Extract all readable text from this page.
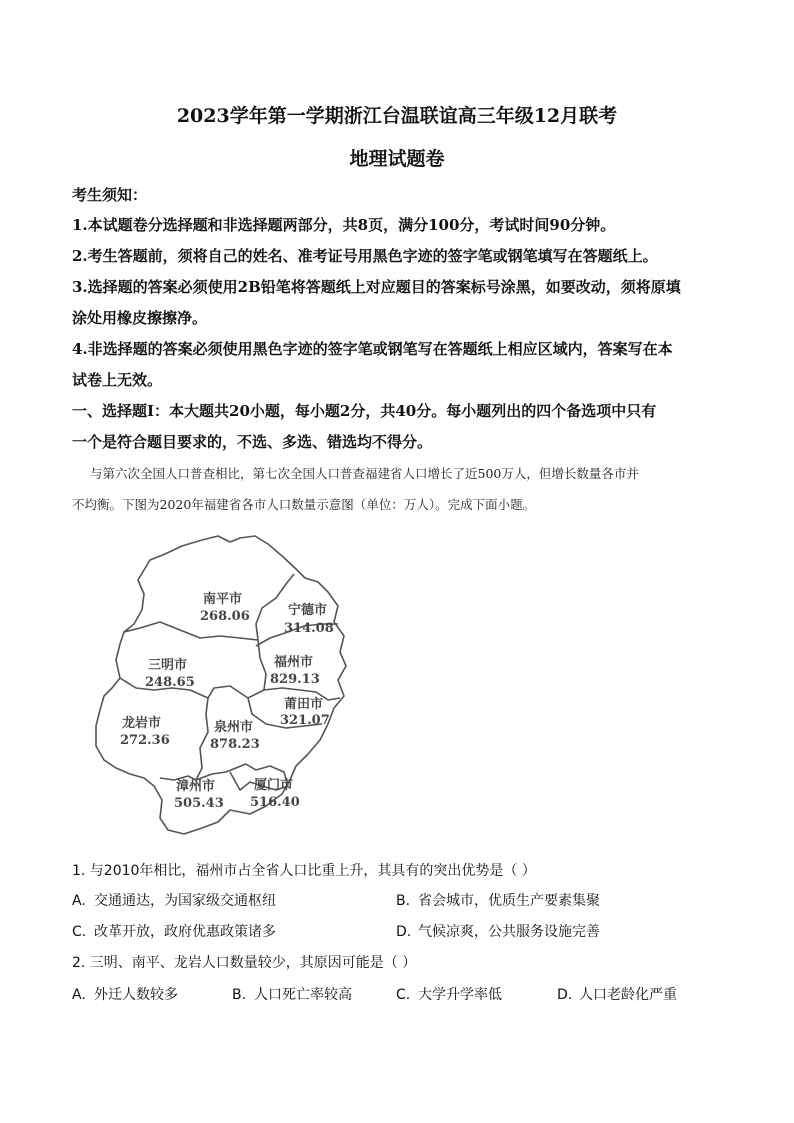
2023学年第一学期浙江台温联谊高三年级12月联考
地理试题卷
考生须知：
1.本试题卷分选择题和非选择题两部分，共8页，满分100分，考试时间90分钟。
2.考生答题前，须将自己的姓名、准考证号用黑色字迹的签字笔或钢笔填写在答题纸上。
3.选择题的答案必须使用2B铅笔将答题纸上对应题目的答案标号涂黑，如要改动，须将原填
涂处用橡皮擦擦净。
4.非选择题的答案必须使用黑色字迹的签字笔或钢笔写在答题纸上相应区域内，答案写在本
试卷上无效。
一、选择题Ⅰ：本大题共20小题，每小题2分，共40分。每小题列出的四个备选项中只有
一个是符合题目要求的，不选、多选、错选均不得分。
与第六次全国人口普查相比，第七次全国人口普查福建省人口增长了近500万人，但增长数量各市并
不均衡。下图为2020年福建省各市人口数量示意图（单位：万人）。完成下面小题。
南平市
268.06	宁德市
314.08
三明市
248.65
福州市
829.13
莆田市
321.07
龙岩市
272.36
泉州市
878.23
漳州市
505.43
厦门市
516.40
1. 与2010年相比，福州市占全省人口比重上升，其具有的突出优势是（ ）
A. 交通通达，为国家级交通枢纽	B. 省会城市，优质生产要素集聚
C. 改革开放，政府优惠政策诸多	D. 气候凉爽，公共服务设施完善
2. 三明、南平、龙岩人口数量较少，其原因可能是（ ）
A. 外迁人数较多	B. 人口死亡率较高	C. 大学升学率低	D. 人口老龄化严重
